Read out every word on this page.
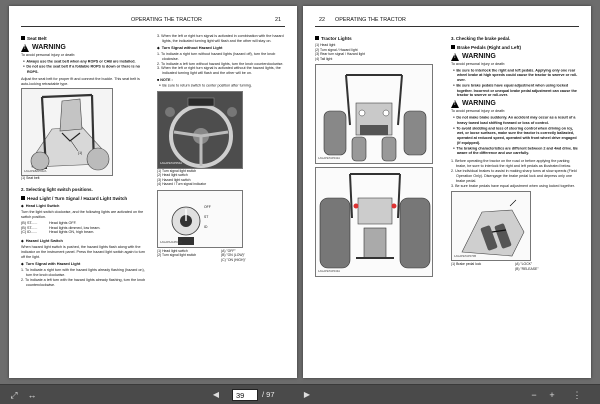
OPERATING THE TRACTOR	21
Seat Belt
! WARNING
To avoid personal injury or death:
● Always use the seat belt when any ROPS or CAB are installed.
● Do not use the seat belt if a foldable ROPS is down or there is no ROPS.
Adjust the seat belt for proper fit and connect the buckle. This seat belt is auto-locking retractable type.
(1)
1AGAPEBAP042A
(1) Seat belt
2. Selecting light switch positions.
Head Light / Turn Signal / Hazard Light Switch
◆ Head Light Switch
Turn the light switch clockwise, and the following lights are activated on the switch position.
(B) ST......	Head lights OFF.
(B) ST......	Head lights dimmed, low beam.
(C) ID......	Head lights ON, high beam.
◆ Hazard Light Switch
When hazard light switch is pushed, the hazard lights flash along with the indicator on the instrument panel. Press the hazard light switch again to turn off the light.
◆ Turn Signal with Hazard Light
1. To indicate a right turn with the hazard lights already flashing (hazard on), turn the knob clockwise.
2. To indicate a left turn with the hazard lights already flashing, turn the knob counterclockwise.
3. When the left or right turn signal is activated in combination with the hazard lights, the indicated turning light will flash and the other will stay on.
◆ Turn Signal without Hazard Light
1. To indicate a right turn without hazard lights (hazard off), turn the knob clockwise.
2. To indicate a left turn without hazard lights, turn the knob counterclockwise.
3. When the left or right turn signal is activated without the hazard lights, the indicated turning light will flash and the other will be on.
■ NOTE :
● Be sure to return switch to center position after turning.
1AGAPETAP054A
(1) Turn signal light switch
(2) Head light switch
(3) Hazard light switch
(4) Hazard / Turn signal indicator
OFF
ST
ID
1AGAPAJAP041A
(1) Head light switch
(2) Turn signal light switch
(A) "OFF"
(B) "ON (LOW)"
(C) "ON (HIGH)"
22 OPERATING THE TRACTOR
Tractor Lights
(1) Head light
(2) Turn signal / Hazard light
(3) Rear turn signal / Hazard light
(4) Tail light
1AGAPETAP042A
1AGAPETAP043A
3. Checking the brake pedal.
Brake Pedals (Right and Left)
! WARNING
To avoid personal injury or death:
● Be sure to interlock the right and left pedals. Applying only one rear wheel brake at high speeds could cause the tractor to swerve or roll-over.
● Be sure brake pedals have equal adjustment when using locked together. Incorrect or unequal brake pedal adjustment can cause the tractor to swerve or roll-over.
! WARNING
To avoid personal injury or death:
● Do not make brake suddenly. An accident may occur as a result of a heavy towed load shifting forward or loss of control.
● To avoid skidding and loss of steering control when driving on icy, wet, or loose surfaces, make sure the tractor is correctly ballasted, operated at reduced speed, operated with front wheel drive engaged (if equipped).
● The braking characteristics are different between 2 and 4wd drive. Be aware of the difference and use carefully.
1. Before operating the tractor on the road or before applying the parking brake, be sure to interlock the right and left pedals as illustrated below.
2. Use individual brakes to assist in making sharp turns at slow speeds (Field Operation Only). Disengage the brake pedal lock and depress only one brake pedal.
3. Be sure brake pedals have equal adjustment when using locked together.
1AGAPETAP070B
(1) Brake pedal lock	(A) "LOCK"
(B) "RELEASE"
⤢ ↔	◀
39	/ 97	▶	−	+	⋮
